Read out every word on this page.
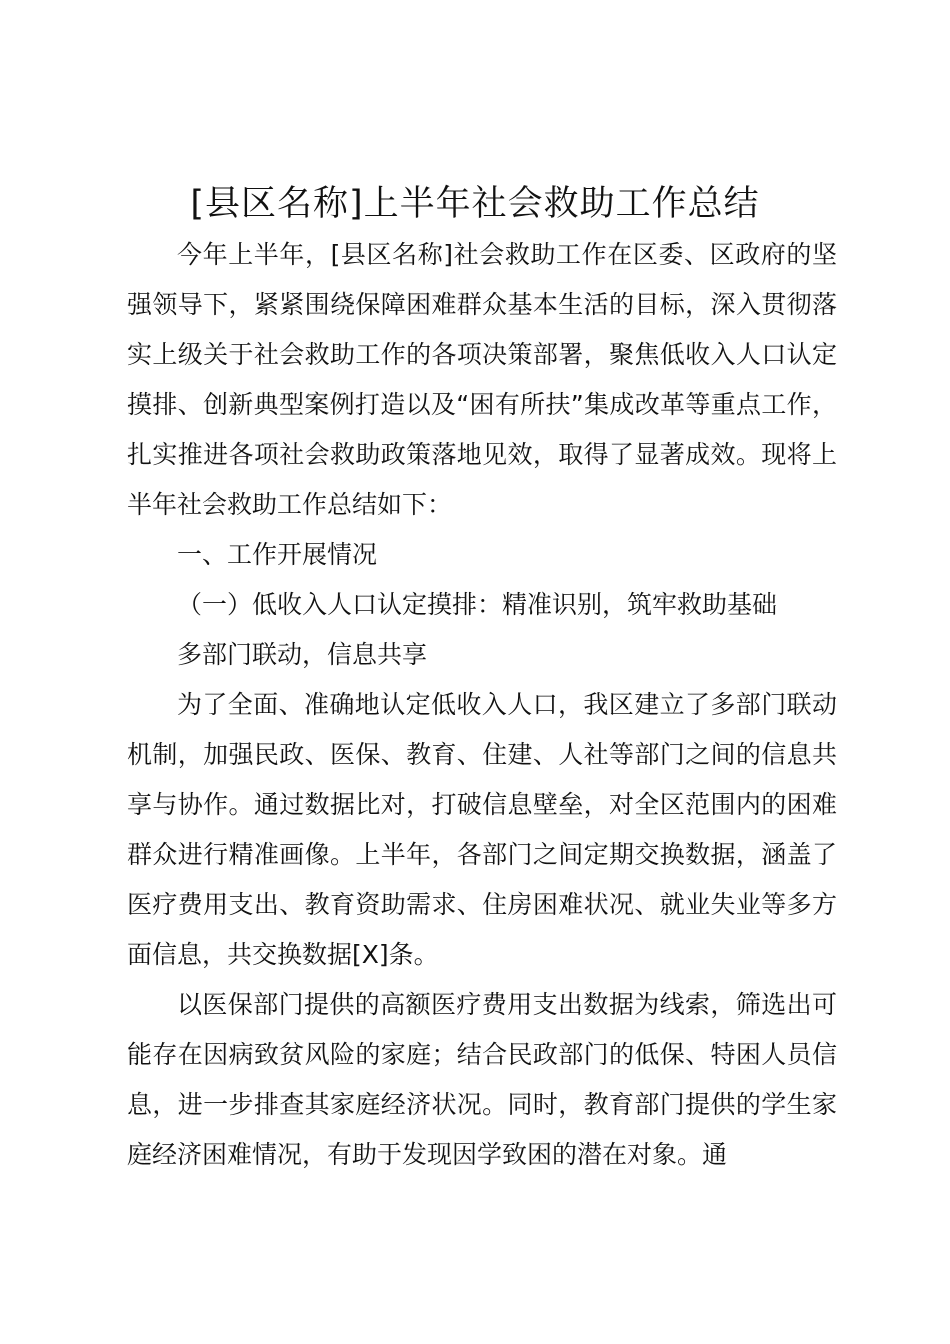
[县区名称]上半年社会救助工作总结

今年上半年，[县区名称]社会救助工作在区委、区政府的坚强领导下，紧紧围绕保障困难群众基本生活的目标，深入贯彻落实上级关于社会救助工作的各项决策部署，聚焦低收入人口认定摸排、创新典型案例打造以及“困有所扶”集成改革等重点工作，扎实推进各项社会救助政策落地见效，取得了显著成效。现将上半年社会救助工作总结如下：

一、工作开展情况

（一）低收入人口认定摸排：精准识别，筑牢救助基础

多部门联动，信息共享

为了全面、准确地认定低收入人口，我区建立了多部门联动机制，加强民政、医保、教育、住建、人社等部门之间的信息共享与协作。通过数据比对，打破信息壁垒，对全区范围内的困难群众进行精准画像。上半年，各部门之间定期交换数据，涵盖了医疗费用支出、教育资助需求、住房困难状况、就业失业等多方面信息，共交换数据[X]条。

以医保部门提供的高额医疗费用支出数据为线索，筛选出可能存在因病致贫风险的家庭；结合民政部门的低保、特困人员信息，进一步排查其家庭经济状况。同时，教育部门提供的学生家庭经济困难情况，有助于发现因学致困的潜在对象。通
